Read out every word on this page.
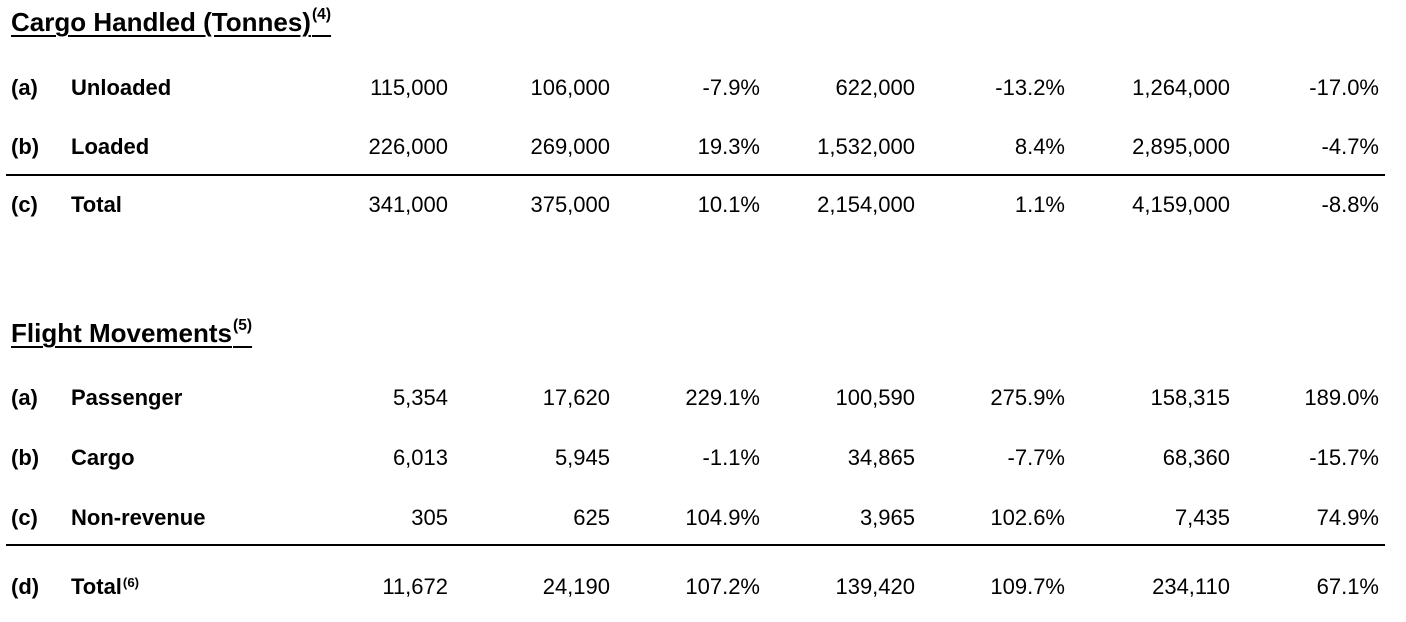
Cargo Handled (Tonnes)$^{(4)}$
(a) Unloaded	115,000	106,000	-7.9%	622,000	-13.2%	1,264,000	-17.0%
(b) Loaded	226,000	269,000	19.3%	1,532,000	8.4%	2,895,000	-4.7%
(c) Total	341,000	375,000	10.1%	2,154,000	1.1%	4,159,000	-8.8%
Flight Movements$^{(5)}$
(a) Passenger	5,354	17,620	229.1%	100,590	275.9%	158,315	189.0%
(b) Cargo	6,013	5,945	-1.1%	34,865	-7.7%	68,360	-15.7%
(c) Non-revenue	305	625	104.9%	3,965	102.6%	7,435	74.9%
(d) Total$^{(6)}$	11,672	24,190	107.2%	139,420	109.7%	234,110	67.1%
